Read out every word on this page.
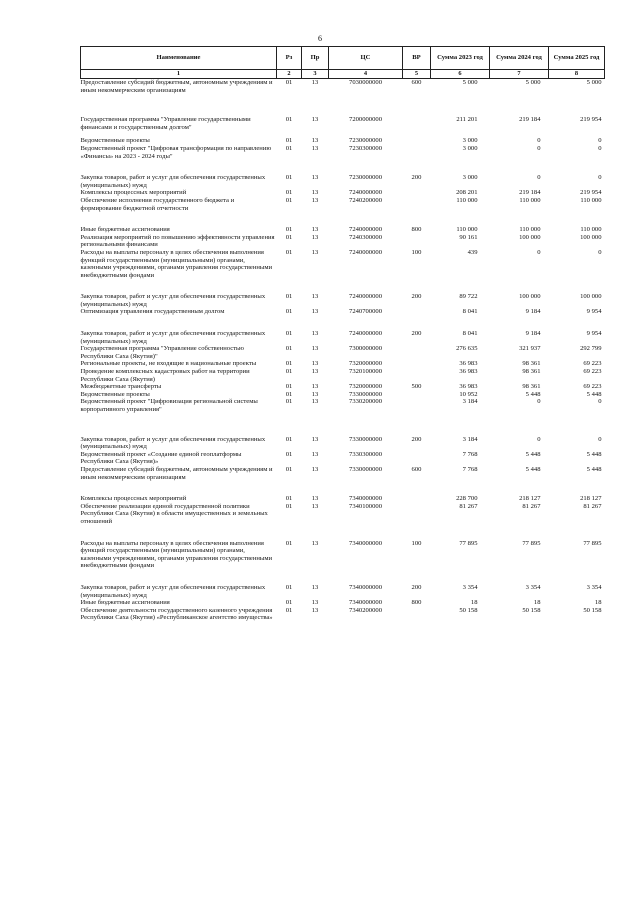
6
Наименование	Рз	Пр	ЦС	ВР	Сумма 2023 год	Сумма 2024 год	Сумма 2025 год
1	2	3	4	5	6	7	8
Предоставление субсидий бюджетным, автономным учреждениям и иным некоммерческим организациям	01	13	7030000000	600	5 000	5 000	5 000
Государственная программа "Управление государственными финансами и государственным долгом"	01	13	7200000000		211 201	219 184	219 954
Ведомственные проекты	01	13	7230000000		3 000	0	0
Ведомственный проект "Цифровая трансформация по направлению «Финансы» на 2023 - 2024 годы"	01	13	7230300000		3 000	0	0
Закупка товаров, работ и услуг для обеспечения государственных (муниципальных) нужд	01	13	7230000000	200	3 000	0	0
Комплексы процессных мероприятий	01	13	7240000000		208 201	219 184	219 954
Обеспечение исполнения государственного бюджета и формирование бюджетной отчетности	01	13	7240200000		110 000	110 000	110 000
Иные бюджетные ассигнования	01	13	7240000000	800	110 000	110 000	110 000
Реализация мероприятий по повышению эффективности управления региональными финансами	01	13	7240300000		90 161	100 000	100 000
Расходы на выплаты персоналу в целях обеспечения выполнения функций государственными (муниципальными) органами, казенными учреждениями, органами управления государственными внебюджетными фондами	01	13	7240000000	100	439	0	0
Закупка товаров, работ и услуг для обеспечения государственных (муниципальных) нужд	01	13	7240000000	200	89 722	100 000	100 000
Оптимизация управления государственным долгом	01	13	7240700000		8 041	9 184	9 954
Закупка товаров, работ и услуг для обеспечения государственных (муниципальных) нужд	01	13	7240000000	200	8 041	9 184	9 954
Государственная программа "Управление собственностью Республики Саха (Якутия)"	01	13	7300000000		276 635	321 937	292 799
Региональные проекты, не входящие в национальные проекты	01	13	7320000000		36 983	98 361	69 223
Проведение комплексных кадастровых работ на территории Республики Саха (Якутия)	01	13	7320100000		36 983	98 361	69 223
Межбюджетные трансферты	01	13	7320000000	500	36 983	98 361	69 223
Ведомственные проекты	01	13	7330000000		10 952	5 448	5 448
Ведомственный проект "Цифровизация региональной системы корпоративного управления"	01	13	7330200000		3 184	0	0
Закупка товаров, работ и услуг для обеспечения государственных (муниципальных) нужд	01	13	7330000000	200	3 184	0	0
Ведомственный проект «Создание единой геоплатформы Республики Саха (Якутия)»	01	13	7330300000		7 768	5 448	5 448
Предоставление субсидий бюджетным, автономным учреждениям и иным некоммерческим организациям	01	13	7330000000	600	7 768	5 448	5 448
Комплексы процессных мероприятий	01	13	7340000000		228 700	218 127	218 127
Обеспечение реализации единой государственной политики Республики Саха (Якутия) в области имущественных и земельных отношений	01	13	7340100000		81 267	81 267	81 267
Расходы на выплаты персоналу в целях обеспечения выполнения функций государственными (муниципальными) органами, казенными учреждениями, органами управления государственными внебюджетными фондами	01	13	7340000000	100	77 895	77 895	77 895
Закупка товаров, работ и услуг для обеспечения государственных (муниципальных) нужд	01	13	7340000000	200	3 354	3 354	3 354
Иные бюджетные ассигнования	01	13	7340000000	800	18	18	18
Обеспечение деятельности государственного казенного учреждения Республики Саха (Якутия) «Республиканское агентство имущества»	01	13	7340200000		50 158	50 158	50 158
